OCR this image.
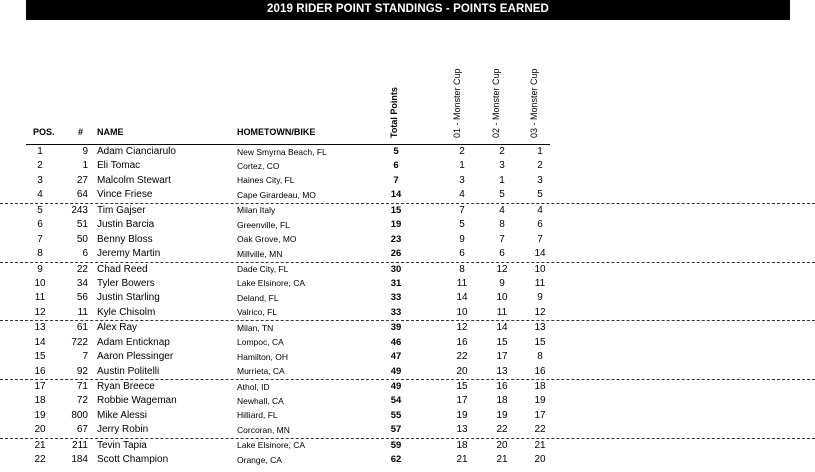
2019 RIDER POINT STANDINGS - POINTS EARNED
POS.	# NAME	HOMETOWN/BIKE	Total Points	01 - Monster Cup	02 - Monster Cup	03 - Monster Cup
1	9 Adam Cianciarulo	New Smyrna Beach, FL	5	2	2	1
2	1 Eli Tomac	Cortez, CO	6	1	3	2
3	27 Malcolm Stewart	Haines City, FL	7	3	1	3
4	64 Vince Friese	Cape Girardeau, MO	14	4	5	5
5	243 Tim Gajser	Milan Italy	15	7	4	4
6	51 Justin Barcia	Greenville, FL	19	5	8	6
7	50 Benny Bloss	Oak Grove, MO	23	9	7	7
8	6 Jeremy Martin	Millville, MN	26	6	6	14
9	22 Chad Reed	Dade City, FL	30	8	12	10
10	34 Tyler Bowers	Lake Elsinore, CA	31	11	9	11
11	56 Justin Starling	Deland, FL	33	14	10	9
12	11 Kyle Chisolm	Valrico, FL	33	10	11	12
13	61 Alex Ray	Milan, TN	39	12	14	13
14	722 Adam Enticknap	Lompoc, CA	46	16	15	15
15	7 Aaron Plessinger	Hamilton, OH	47	22	17	8
16	92 Austin Politelli	Murrieta, CA	49	20	13	16
17	71 Ryan Breece	Athol, ID	49	15	16	18
18	72 Robbie Wageman	Newhall, CA	54	17	18	19
19	800 Mike Alessi	Hilliard, FL	55	19	19	17
20	67 Jerry Robin	Corcoran, MN	57	13	22	22
21	211 Tevin Tapia	Lake Elsinore, CA	59	18	20	21
22	184 Scott Champion	Orange, CA	62	21	21	20
